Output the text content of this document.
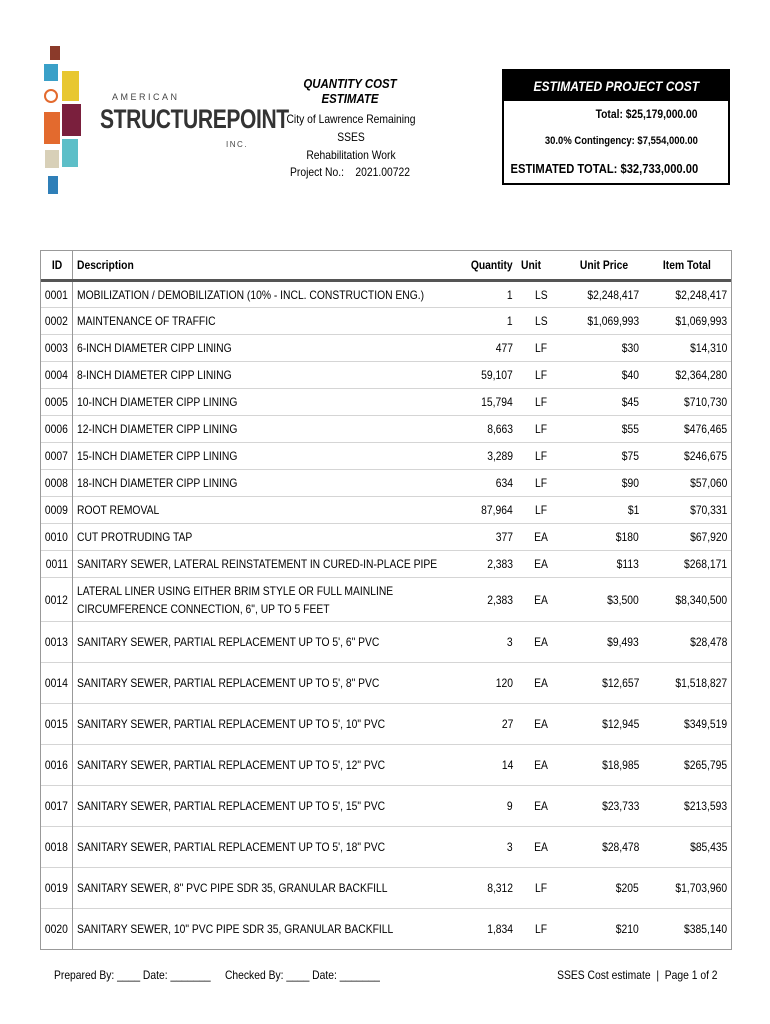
AMERICAN
STRUCTUREPOINT
INC.
QUANTITY COST ESTIMATE
City of Lawrence Remaining SSES
Rehabilitation Work
Project No.: 2021.00722
ESTIMATED PROJECT COST
Total: $25,179,000.00
30.0% Contingency: $7,554,000.00
ESTIMATED TOTAL: $32,733,000.00
ID	Description	Quantity	Unit	Unit Price	Item Total
0001	MOBILIZATION / DEMOBILIZATION (10% - INCL. CONSTRUCTION ENG.)	1	LS	$2,248,417	$2,248,417
0002	MAINTENANCE OF TRAFFIC	1	LS	$1,069,993	$1,069,993
0003	6-INCH DIAMETER CIPP LINING	477	LF	$30	$14,310
0004	8-INCH DIAMETER CIPP LINING	59,107	LF	$40	$2,364,280
0005	10-INCH DIAMETER CIPP LINING	15,794	LF	$45	$710,730
0006	12-INCH DIAMETER CIPP LINING	8,663	LF	$55	$476,465
0007	15-INCH DIAMETER CIPP LINING	3,289	LF	$75	$246,675
0008	18-INCH DIAMETER CIPP LINING	634	LF	$90	$57,060
0009	ROOT REMOVAL	87,964	LF	$1	$70,331
0010	CUT PROTRUDING TAP	377	EA	$180	$67,920
0011	SANITARY SEWER, LATERAL REINSTATEMENT IN CURED-IN-PLACE PIPE	2,383	EA	$113	$268,171
0012	LATERAL LINER USING EITHER BRIM STYLE OR FULL MAINLINE CIRCUMFERENCE CONNECTION, 6", UP TO 5 FEET	2,383	EA	$3,500	$8,340,500
0013	SANITARY SEWER, PARTIAL REPLACEMENT UP TO 5', 6" PVC	3	EA	$9,493	$28,478
0014	SANITARY SEWER, PARTIAL REPLACEMENT UP TO 5', 8" PVC	120	EA	$12,657	$1,518,827
0015	SANITARY SEWER, PARTIAL REPLACEMENT UP TO 5', 10" PVC	27	EA	$12,945	$349,519
0016	SANITARY SEWER, PARTIAL REPLACEMENT UP TO 5', 12" PVC	14	EA	$18,985	$265,795
0017	SANITARY SEWER, PARTIAL REPLACEMENT UP TO 5', 15" PVC	9	EA	$23,733	$213,593
0018	SANITARY SEWER, PARTIAL REPLACEMENT UP TO 5', 18" PVC	3	EA	$28,478	$85,435
0019	SANITARY SEWER, 8" PVC PIPE SDR 35, GRANULAR BACKFILL	8,312	LF	$205	$1,703,960
0020	SANITARY SEWER, 10" PVC PIPE SDR 35, GRANULAR BACKFILL	1,834	LF	$210	$385,140
Prepared By: ____ Date: _______     Checked By: ____ Date: _______	SSES Cost estimate  |  Page 1 of 2
